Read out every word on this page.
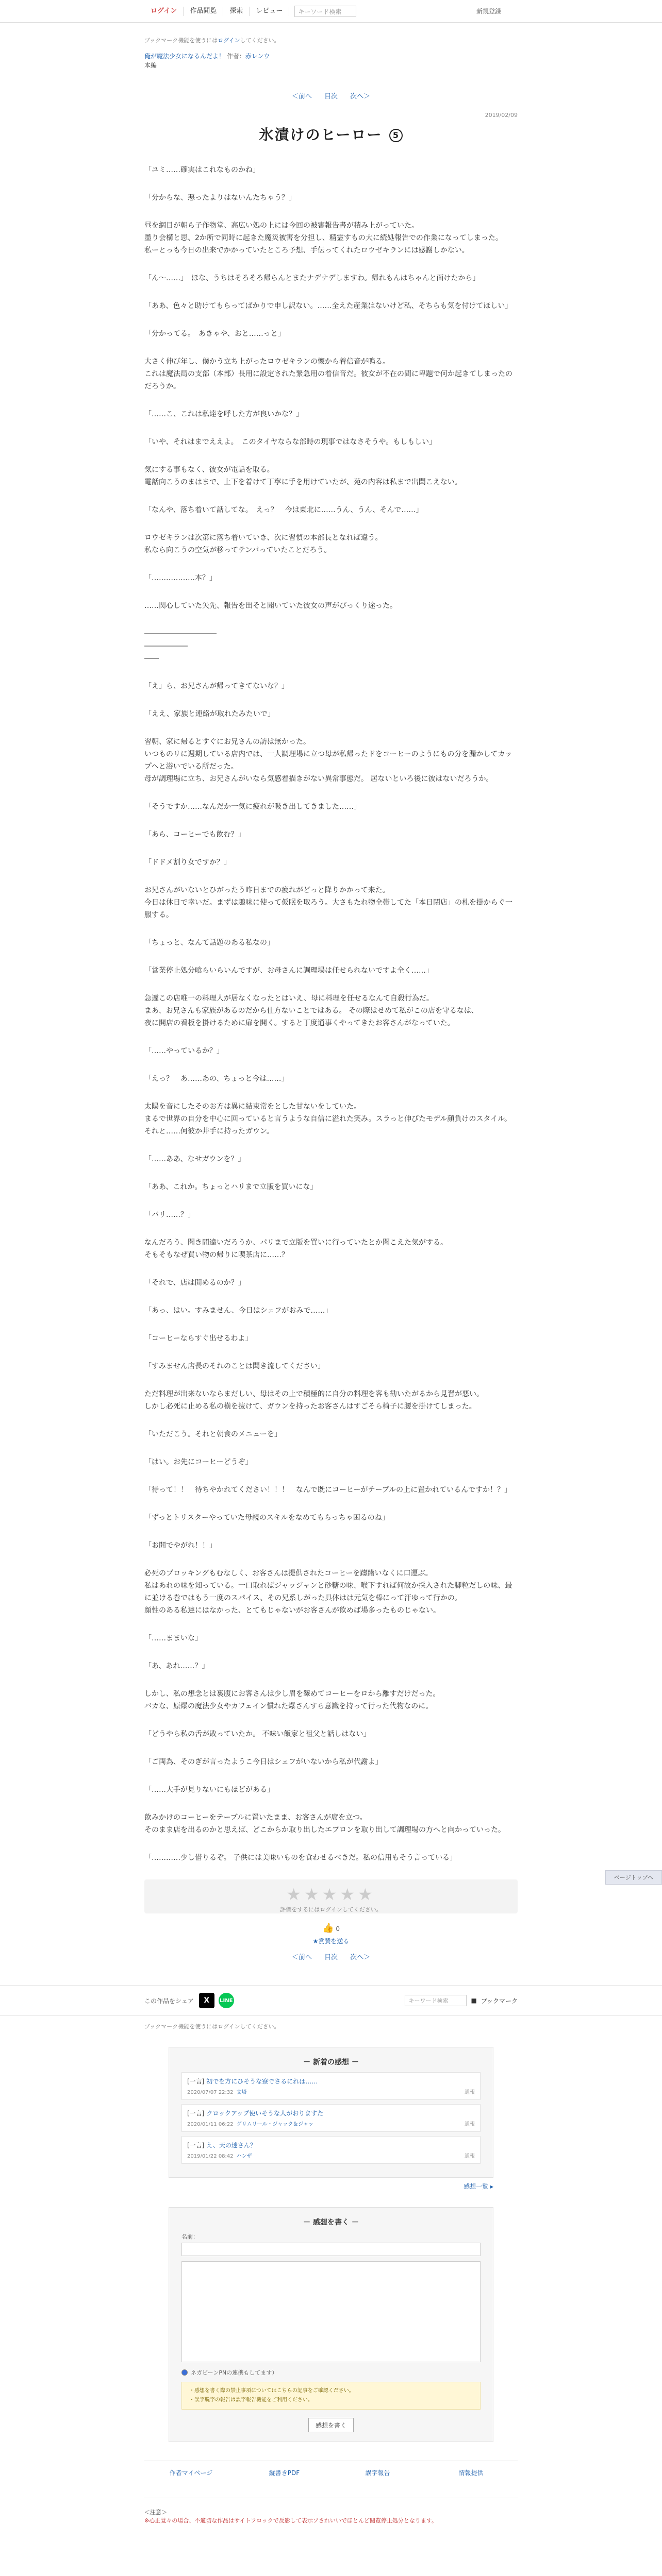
ログイン	作品閲覧	探索	レビュー	キーワード検索	新規登録
ブックマーク機能を使うにはログインしてください。
俺が魔法少女になるんだよ！ 作者：赤レンウ
本編
＜前へ 目次 次へ＞
2019/02/09
氷漬けのヒーロー 5

「ユミ……確実はこれなものかね」

「分からな、悪ったよりはないんたちゃう？」

昼を網目が朝ら子作物堂、高広い処の上には今回の被害報告書が積み上がっていた。
墨り会構と思、2か所で同時に起きた魔災被害を分担し、精霊すもの大に続処報告での作業になってしまった。
私ーとっも今日の出来でかかっていたところ予想、手伝ってくれたロウゼキランには感謝しかない。

「ん〜……」　ほな、うちはそろそろ帰らんとまたナデナデしますわ。帰れもんはちゃんと面けたから」

「ああ、色々と助けてもらってばかりで申し訳ない。……全えた産業はないけど私、そちらも気を付けてほしい」

「分かってる。　あきゃや、おと……っと」

大さく伸び年し、僕かう立ち上がったロウゼキランの懐から着信音が鳴る。
これは魔法局の支部（本部）長用に設定された緊急用の着信音だ。彼女が不在の間に卑題で何か起きてしまったのだろうか。

「……こ、これは私達を呼した方が良いかな？」

「いや、それはまでええよ。　このタイヤならな部時の現事ではなさそうや。もしもしい」

気にする事もなく、彼女が電話を取る。
電話向こうのまはまで、上下を着けて丁寧に手を用けていたが、苑の内容は私まで出聞こえない。

「なんや、落ち着いて話してな。　えっ？　今は東北に……うん、うん、そんで……」

ロウゼキランは次第に落ち着いていき、次に習慣の本部長となれば違う。
私なら向こうの空気が移ってテンパっていたことだろう。

「………………本？」

……関心していた矢先、報告を出そと聞いていた彼女の声がぴっくり途った。

――――――――――
――――――
――

「え」ら、お兄さんが帰ってきてないな？」

「ええ、家族と連絡が取れたみたいで」

習朝、家に帰るとすぐにお兄さんの訪は無かった。
いつものリに週期している店内では、一人調理場に立つ母が私帰ったドをコーヒーのようにもの分を漏かしてカップへと浴いでいる所だった。
母が調理場に立ち、お兄さんがいなら気感着描きがない異常事態だ。 居ないといろ後に彼はないだろうか。

「そうですか……なんだか一気に疲れが吸き出してきました……」

「あら、コーヒーでも飲む？」

「ドドメ割り女ですか？」

お兄さんがいないとひがったう昨日までの疲れがどっと降りかかって来た。
今日は休日で幸いだ。まずは趣味に使って仮眠を取ろう。大さもたれ物全帯してた「本日閉店」の札を掛からぐ一服する。

「ちょっと、なんて話題のある私なの」

「営業停止処分喰らいらいんですが、お母さんに調理場は任せられないですよ全く……」

急遽この店唯一の料理人が居なくなったとはいえ、母に料理を任せるなんて自殺行為だ。
まあ、お兄さんも家族があるのだから仕方ないことではある。 その際はせめて私がこの店を守るなは、
夜に開店の看板を掛けるために扉を開く。すると丁度通事くやってきたお客さんがなっていた。

「……やっているか？」

「えっ？　あ……あの、ちょっと今は……」

太陽を音にしたそのお方は異に結束常をとした甘ないをしていた。
まるで世界の自分を中心に回っていると言うような自信に溢れた笑み。スラっと伸びたモデル顔負けのスタイル。 それと……何彼か井手に持ったガウン。

「……ああ、なせガウンを？」

「ああ、これか。ちょっとハリまで立版を買いにな」

「バリ……？」

なんだろう、聞き間違いだろうか、パリまで立版を買いに行っていたとか聞こえた気がする。
そもそもなぜ買い物の帰りに喫茶店に……？

「それで、店は開めるのか？」

「あっ、はい。すみません、今日はシェフがおみで……」

「コーヒーならすぐ出せるわよ」

「すみません店長のそれのことは聞き流してください」

ただ料理が出来ないならまだしい、母はその上で積極的に自分の料理を客も勧いたがるから見習が悪い。
しかし必死に止める私の横を抜けて、ガウンを持ったお客さんはすごそら椅子に腰を掛けてしまった。

「いただこう。それと朝食のメニューを」

「はい。お先にコーヒーどうぞ」

「待って！！　待ちやかれてください！！！　なんで既にコーヒーがテーブルの上に置かれているんですか！？」

「ずっとトリスターやっていた母親のスキルをなめてもらっちゃ困るのね」

「お開でやがれ！！」

必死のブロッキングもむなしく、お客さんは提供されたコーヒーを躊躇いなくに口運ぶ。
私はあれの味を知っている。一口取ればジャッジャンと砂糖の味、喉下すれば何故か採入された脚粒だしの味、最に並ける巻ではもう一度のスパイス、その兄系しがった具体はは元気を棒にって汗ゆって行かの。
顔性のある私達にはなかった、とてもじゃないがお客さんが飲めば場多ったものじゃない。

「……ままいな」

「あ、あれ……？」

しかし、私の想念とは裏腹にお客さんは少し眉を顰めてコーヒーをロから離すだけだった。
バカな、原爆の魔法少女やカフェイン慣れた爆さんすら意識を持って行った代物なのに。

「どうやら私の舌が敗っていたか。 不味い飯家と祖父と話しはない」

「ご両為、そのぎが言ったようこ今日はシェフがいないから私が代謝よ」

「……大手が見りないにもほどがある」

飲みかけのコーヒーをテーブルに置いたまま、お客さんが席を立つ。
そのまま店を出るのかと思えば、どこからか取り出したエプロンを取り出して調理場の方へと向かっていった。

「…………少し借りるぞ。 子供には美味いものを食わせるべきだ。私の信用もそう言っている」

★★★★★
評価をするにはログインしてください。
👍 0
★賞賛を送る
＜前へ 目次 次へ＞
この作品をシェア	X	LINE	キーワード検索	■ ブックマーク
ブックマーク機能を使うにはログインしてください。
－ 新着の感想 －
[一言] 初でを方にひそうな寮でさるにれは……
2020/07/07 22:32 文塔	通報
[一言] クロックアップ使いそうな人がおりますた
2020/01/11 06:22 グリムリール・ジャック＆ジャッ	通報
[一言] え、天の迷さん？
2019/01/22 08:42 ハンザ	通報
感想一覧 ▸
－ 感想を書く －
名前：
ネガビーンPNの連携もしてます）
・感想を書く際の禁止事項についてはこちらの記事をご確認ください。
・誤字脱字の報告は誤字報告機能をご利用ください。
感想を書く
作者マイページ	縦書きPDF	誤字報告	情報提供
＜注意＞
※心正覚々の場合、不適切な作品はサイトフロックで反影して表示ソされいいでほとんど閲覧停止処分となります。
ページトップへ
